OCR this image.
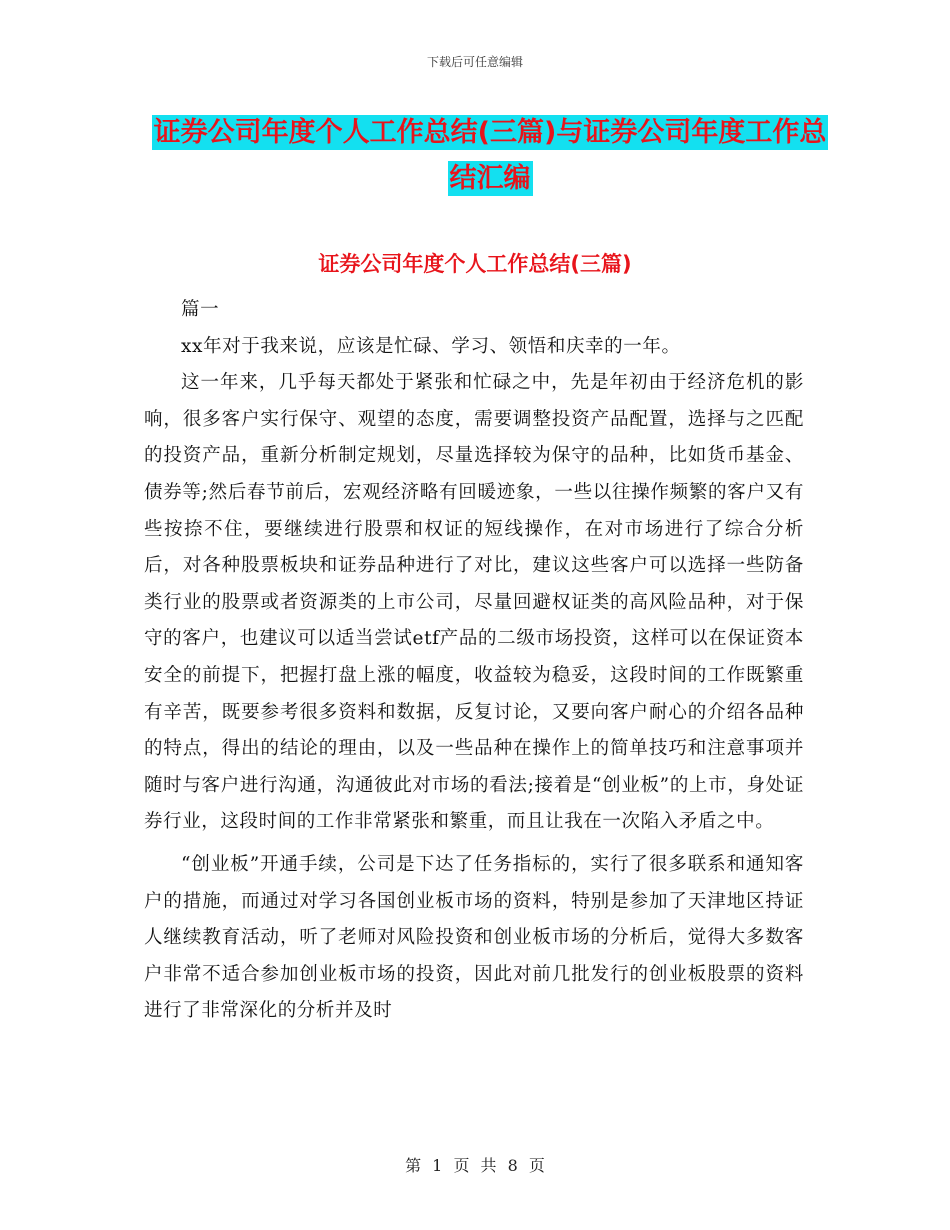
下载后可任意编辑
证券公司年度个人工作总结(三篇)与证券公司年度工作总结汇编
证券公司年度个人工作总结(三篇)

篇一

xx年对于我来说，应该是忙碌、学习、领悟和庆幸的一年。

这一年来，几乎每天都处于紧张和忙碌之中，先是年初由于经济危机的影响，很多客户实行保守、观望的态度，需要调整投资产品配置，选择与之匹配的投资产品，重新分析制定规划，尽量选择较为保守的品种，比如货币基金、债券等;然后春节前后，宏观经济略有回暖迹象，一些以往操作频繁的客户又有些按捺不住，要继续进行股票和权证的短线操作，在对市场进行了综合分析后，对各种股票板块和证券品种进行了对比，建议这些客户可以选择一些防备类行业的股票或者资源类的上市公司，尽量回避权证类的高风险品种，对于保守的客户，也建议可以适当尝试etf产品的二级市场投资，这样可以在保证资本安全的前提下，把握打盘上涨的幅度，收益较为稳妥，这段时间的工作既繁重有辛苦，既要参考很多资料和数据，反复讨论，又要向客户耐心的介绍各品种的特点，得出的结论的理由，以及一些品种在操作上的简单技巧和注意事项并随时与客户进行沟通，沟通彼此对市场的看法;接着是“创业板”的上市，身处证券行业，这段时间的工作非常紧张和繁重，而且让我在一次陷入矛盾之中。

“创业板”开通手续，公司是下达了任务指标的，实行了很多联系和通知客户的措施，而通过对学习各国创业板市场的资料，特别是参加了天津地区持证人继续教育活动，听了老师对风险投资和创业板市场的分析后，觉得大多数客户非常不适合参加创业板市场的投资，因此对前几批发行的创业板股票的资料进行了非常深化的分析并及时

第 1 页 共 8 页
